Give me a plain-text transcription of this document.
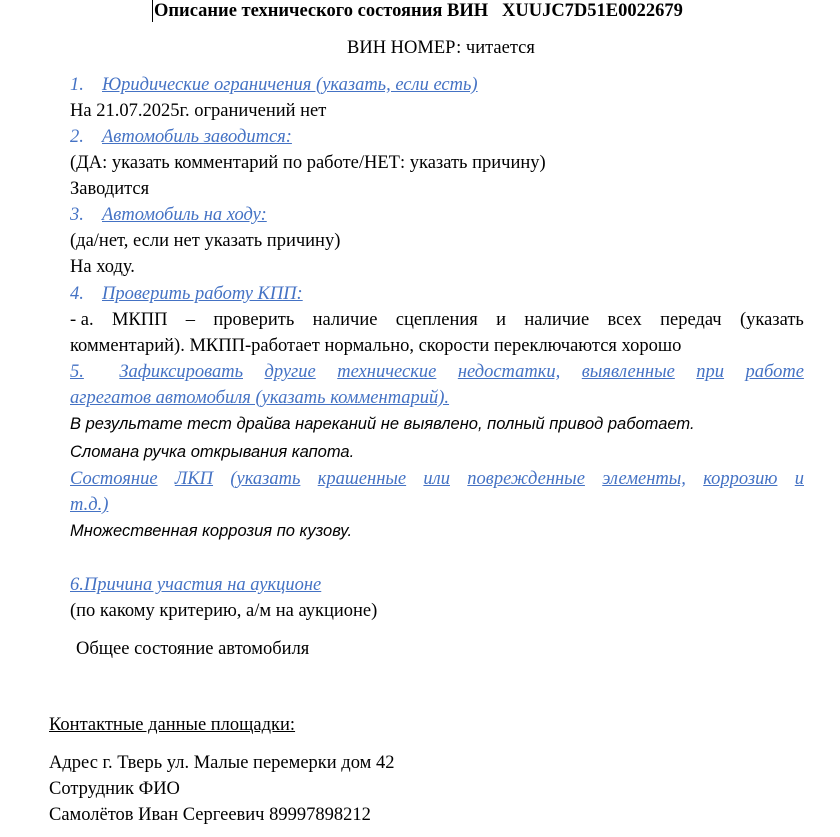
Описание технического состояния ВИН XUUJC7D51E0022679
ВИН НОМЕР: читается
1. Юридические ограничения (указать, если есть)
На 21.07.2025г. ограничений нет
2. Автомобиль заводится:
(ДА: указать комментарий по работе/НЕТ: указать причину)
Заводится
3. Автомобиль на ходу:
(да/нет, если нет указать причину)
На ходу.
4. Проверить работу КПП:
- а. МКПП – проверить наличие сцепления и наличие всех передач (указать
комментарий). МКПП-работает нормально, скорости переключаются хорошо
5. Зафиксировать другие технические недостатки, выявленные при работе
агрегатов автомобиля (указать комментарий).
В результате тест драйва нареканий не выявлено, полный привод работает.
Сломана ручка открывания капота.
Состояние ЛКП (указать крашенные или поврежденные элементы, коррозию и
т.д.)
Множественная коррозия по кузову.
6.Причина участия на аукционе
(по какому критерию, а/м на аукционе)
Общее состояние автомобиля
Контактные данные площадки:
Адрес г. Тверь ул. Малые перемерки дом 42
Сотрудник ФИО
Самолётов Иван Сергеевич 89997898212
